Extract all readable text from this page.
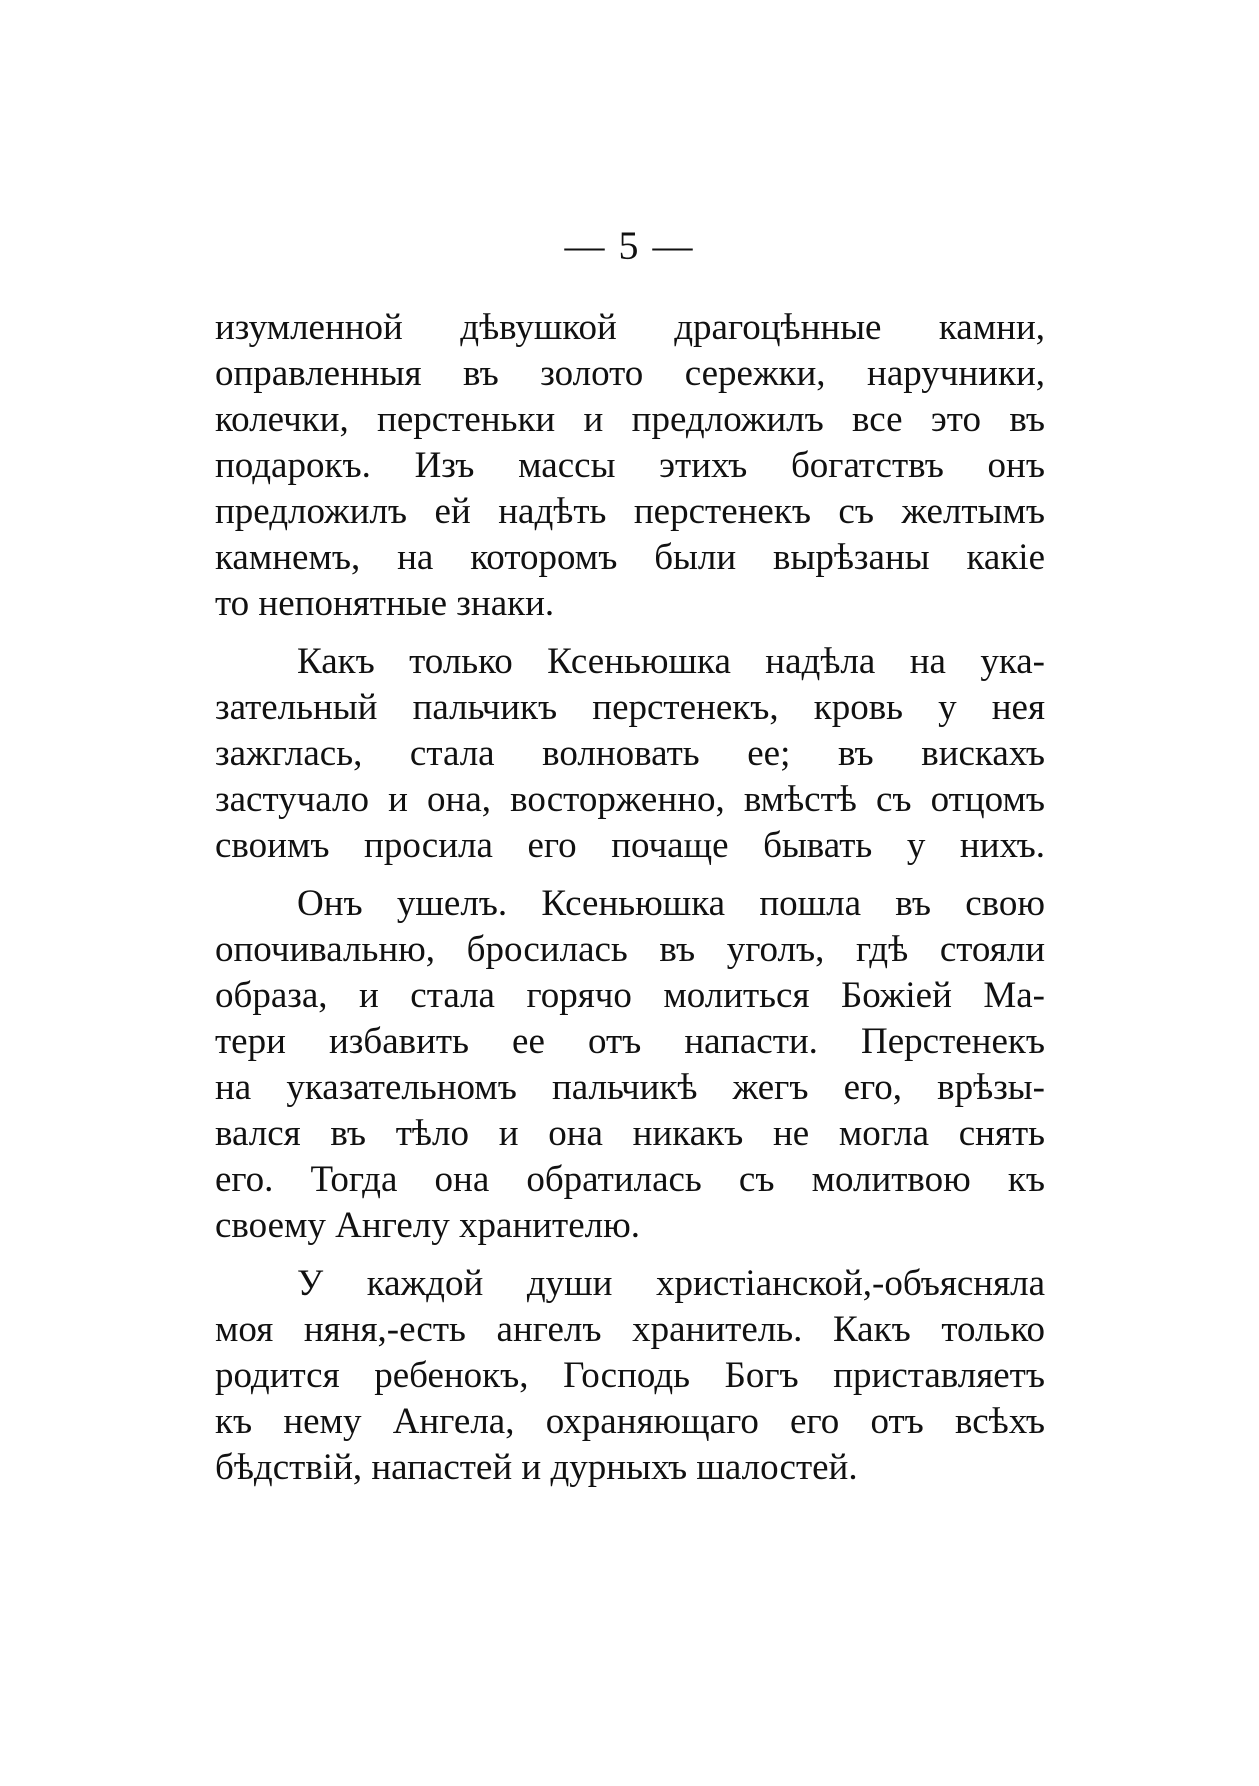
— 5 —
изумленной дѣвушкой драгоцѣнные камни,
оправленныя въ золото сережки, наручники,
колечки, перстеньки и предложилъ все это въ
подарокъ. Изъ массы этихъ богатствъ онъ
предложилъ ей надѣть перстенекъ съ желтымъ
камнемъ, на которомъ были вырѣзаны какіе
то непонятные знаки.
Какъ только Ксеньюшка надѣла на ука-
зательный пальчикъ перстенекъ, кровь у нея
зажглась, стала волновать ее; въ вискахъ
застучало и она, восторженно, вмѣстѣ съ отцомъ
своимъ просила его почаще бывать у нихъ.
Онъ ушелъ. Ксеньюшка пошла въ свою
опочивальню, бросилась въ уголъ, гдѣ стояли
образа, и стала горячо молиться Божіей Ма-
тери избавить ее отъ напасти. Перстенекъ
на указательномъ пальчикѣ жегъ его, врѣзы-
вался въ тѣло и она никакъ не могла снять
его. Тогда она обратилась съ молитвою къ
своему Ангелу хранителю.
У каждой души христіанской,-объясняла
моя няня,-есть ангелъ хранитель. Какъ только
родится ребенокъ, Господь Богъ приставляетъ
къ нему Ангела, охраняющаго его отъ всѣхъ
бѣдствій, напастей и дурныхъ шалостей.
